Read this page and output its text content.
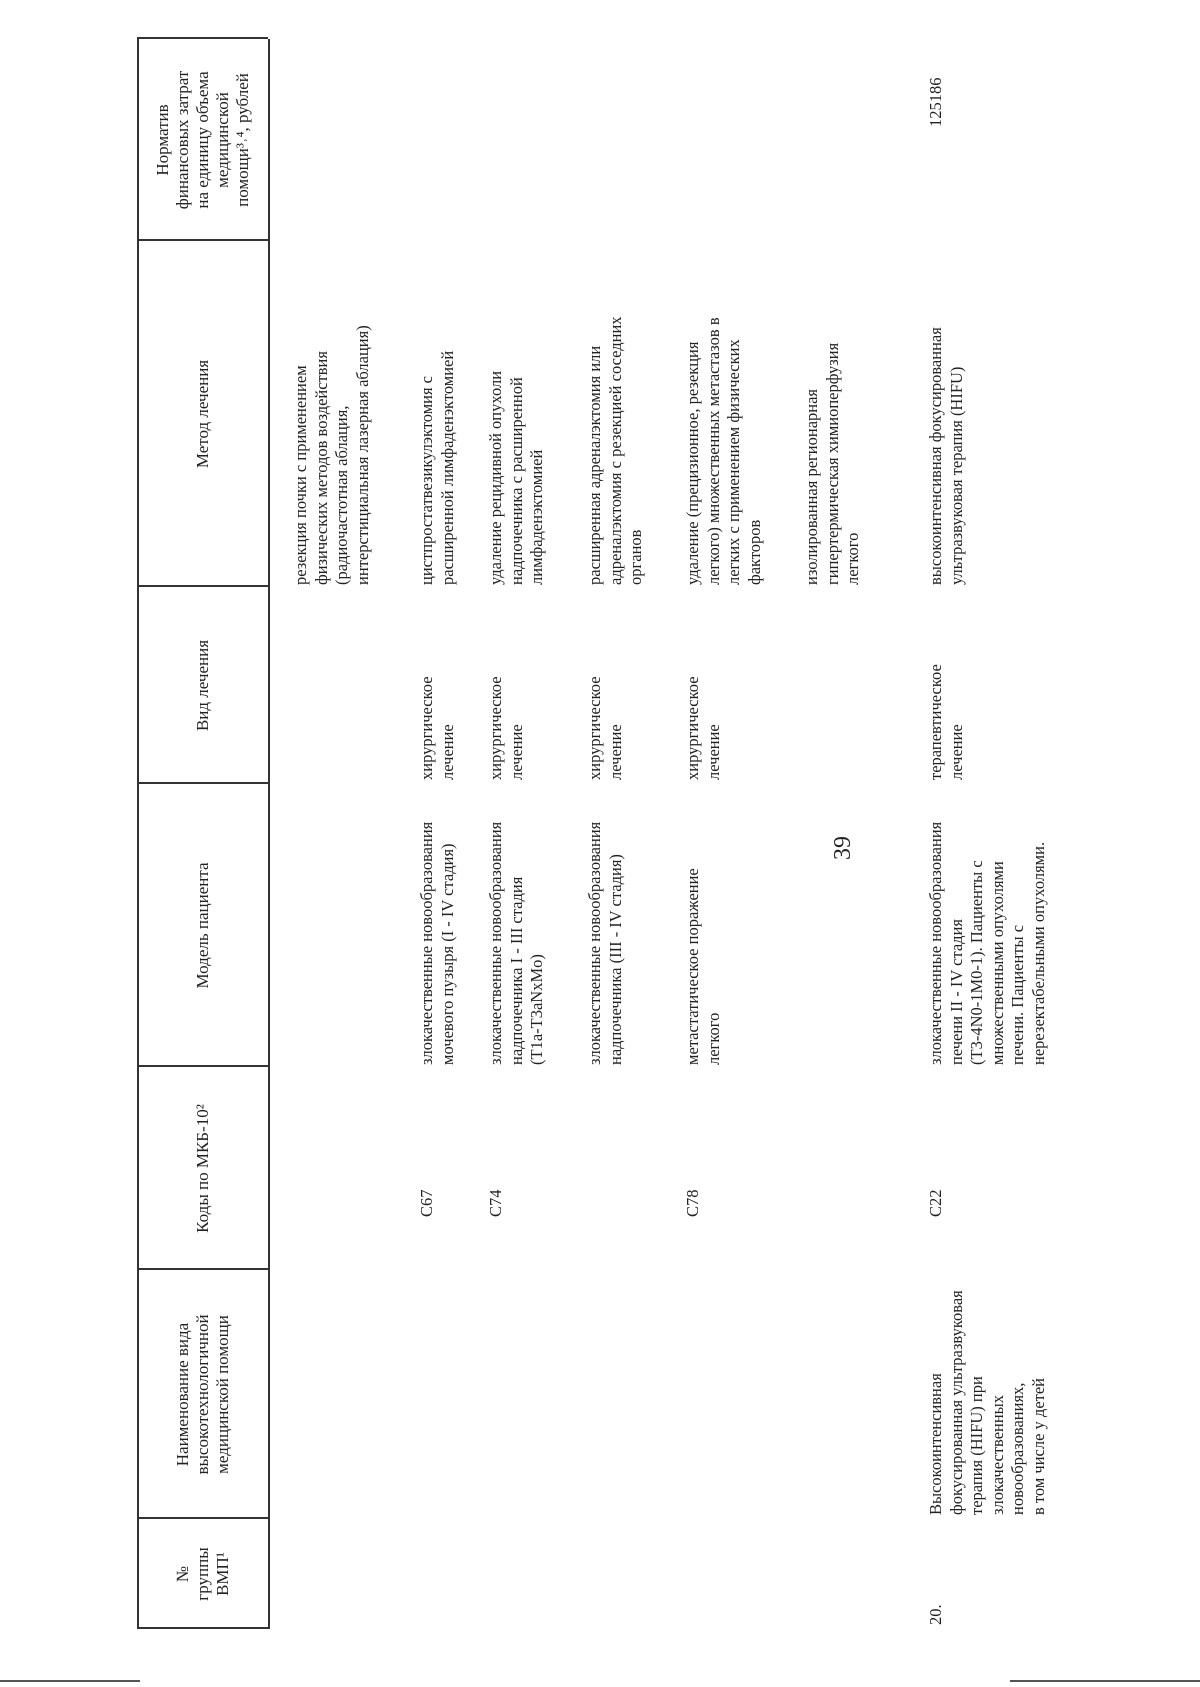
39
№
группы
ВМП¹
Наименование вида
высокотехнологичной
медицинской помощи
Коды по МКБ-10²
Модель пациента
Вид лечения
Метод лечения
Норматив
финансовых затрат
на единицу объема
медицинской
помощи³˒⁴, рублей
резекция почки с применением
физических методов воздействия
(радиочастотная аблация,
интерстициальная лазерная аблация)
C67
злокачественные новообразования
мочевого пузыря (I - IV стадия)
хирургическое
лечение
цистпростатвезикулэктомия с
расширенной лимфаденэктомией
C74
злокачественные новообразования
надпочечника I - III стадия
(T1a-T3aNxMo)
хирургическое
лечение
удаление рецидивной опухоли
надпочечника с расширенной
лимфаденэктомией
злокачественные новообразования
надпочечника (III - IV стадия)
хирургическое
лечение
расширенная адреналэктомия или
адреналэктомия с резекцией соседних
органов
C78
метастатическое поражение
легкого
хирургическое
лечение
удаление (прецизионное, резекция
легкого) множественных метастазов в
легких с применением физических
факторов изолированная регионарная
гипертермическая химиоперфузия
легкого
20.
Высокоинтенсивная
фокусированная ультразвуковая
терапия (HIFU) при
злокачественных
новообразованиях,
в том числе у детей
C22
злокачественные новообразования
печени II - IV стадия
(T3-4N0-1M0-1). Пациенты с
множественными опухолями
печени. Пациенты с
нерезектабельными опухолями.
терапевтическое
лечение
высокоинтенсивная фокусированная
ультразвуковая терапия (HIFU)
125186
